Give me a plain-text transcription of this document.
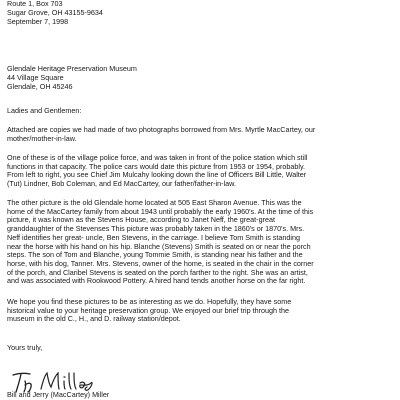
Route 1, Box 703
Sugar Grove, OH 43155-9634
September 7, 1998
Glendale Heritage Preservation Museum
44 Village Square
Glendale, OH 45246
Ladies and Gentlemen:
Attached are copies we had made of two photographs borrowed from Mrs. Myrtle MacCartey, our
mother/mother-in-law.
One of these is of the village police force, and was taken in front of the police station which still
functions in that capacity. The police cars would date this picture from 1953 or 1954, probably.
From left to right, you see Chief Jim Mulcahy looking down the line of Officers Bill Little, Walter
(Tut) Lindner, Bob Coleman, and Ed MacCartey, our father/father-in-law.
The other picture is the old Glendale home located at 505 East Sharon Avenue. This was the
home of the MacCartey family from about 1943 until probably the early 1960's. At the time of this
picture, it was known as the Stevens House, according to Janet Neff, the great-great
granddaughter of the Stevenses This picture was probably taken in the 1860's or 1870's. Mrs.
Neff identifies her great- uncle, Ben Stevens, in the carriage. I believe Tom Smith is standing
near the horse with his hand on his hip. Blanche (Stevens) Smith is seated on or near the porch
steps. The son of Tom and Blanche, young Tommie Smith, is standing near his father and the
horse, with his dog, Tanner. Mrs. Stevens, owner of the home, is seated in the chair in the corner
of the porch, and Claribel Stevens is seated on the porch farther to the right. She was an artist,
and was associated with Rookwood Pottery. A hired hand tends another horse on the far right.
We hope you find these pictures to be as interesting as we do. Hopefully, they have some
historical value to your heritage preservation group. We enjoyed our brief trip through the
museum in the old C., H., and D. railway station/depot.
Yours truly,
Bill and Jerry (MacCartey) Miller
